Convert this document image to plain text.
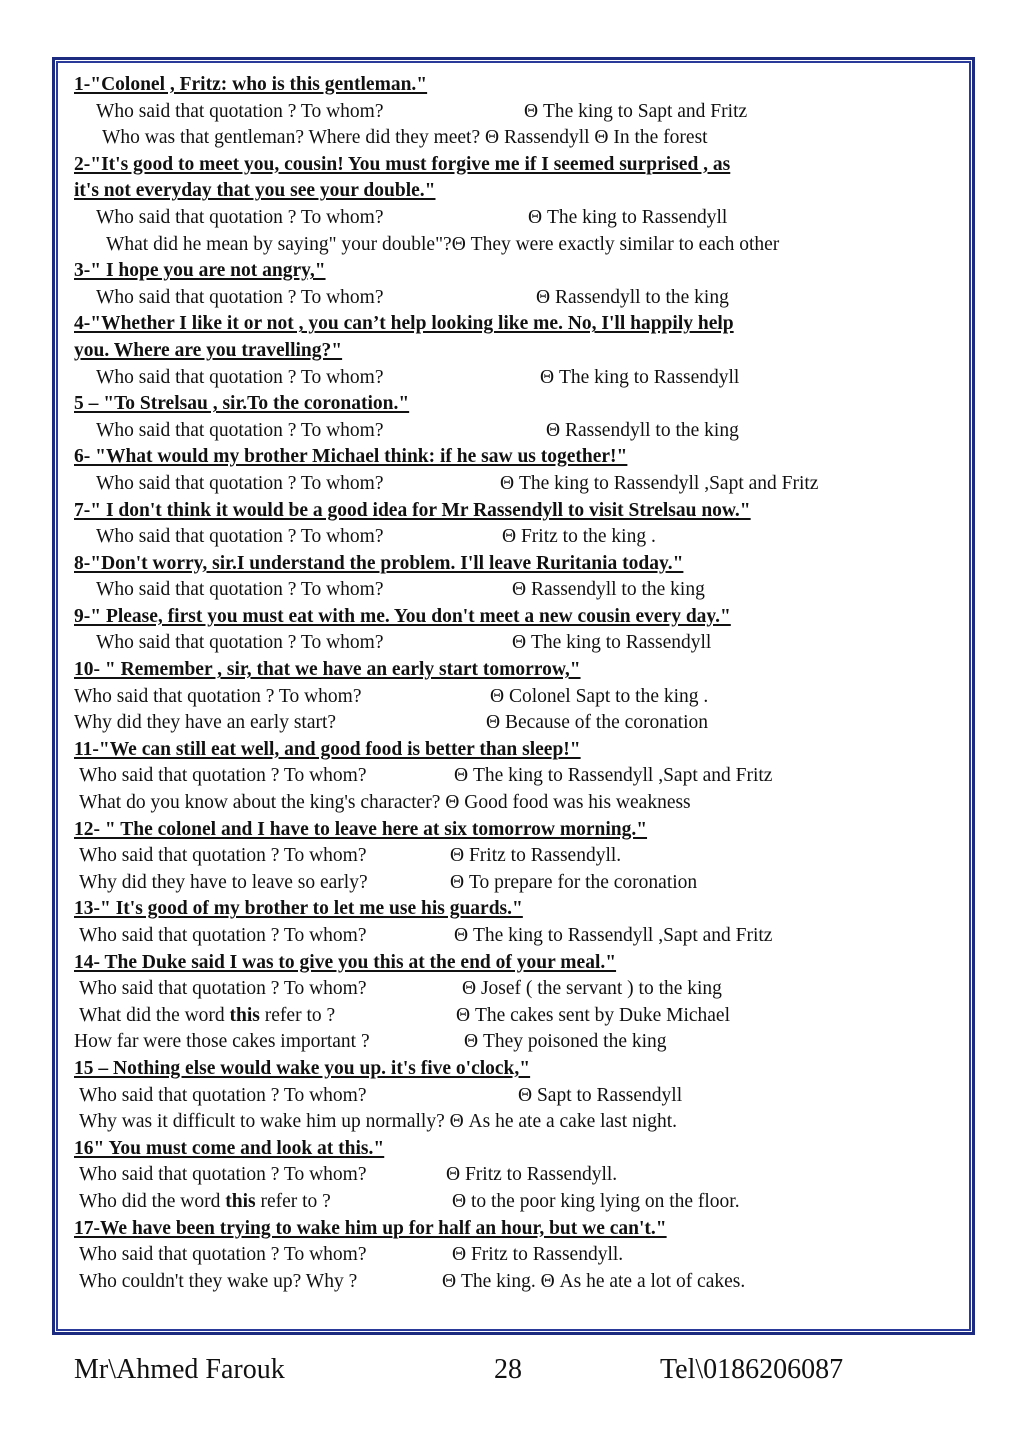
1-"Colonel , Fritz: who is this gentleman."
Who said that quotation ? To whom?	Θ The king to Sapt and Fritz
Who was that gentleman? Where did they meet? Θ Rassendyll Θ In the forest
2-"It's good to meet you, cousin! You must forgive me if I seemed surprised , as
it's not everyday that you see your double."
Who said that quotation ? To whom?	Θ The king to Rassendyll
What did he mean by saying" your double"?Θ They were exactly similar to each other
3-" I hope you are not angry,"
Who said that quotation ? To whom?	Θ Rassendyll to the king
4-"Whether I like it or not , you can’t help looking like me. No, I'll happily help
you. Where are you travelling?"
Who said that quotation ? To whom?	Θ The king to Rassendyll
5 – "To Strelsau , sir.To the coronation."
Who said that quotation ? To whom?	Θ Rassendyll to the king
6- "What would my brother Michael think: if he saw us together!"
Who said that quotation ? To whom?	Θ The king to Rassendyll ,Sapt and Fritz
7-" I don't think it would be a good idea for Mr Rassendyll to visit Strelsau now."
Who said that quotation ? To whom?	Θ Fritz to the king .
8-"Don't worry, sir.I understand the problem. I'll leave Ruritania today."
Who said that quotation ? To whom?	Θ Rassendyll to the king
9-" Please, first you must eat with me. You don't meet a new cousin every day."
Who said that quotation ? To whom?	Θ The king to Rassendyll
10- " Remember , sir, that we have an early start tomorrow,"
Who said that quotation ? To whom?	Θ Colonel Sapt to the king .
Why did they have an early start?	Θ Because of the coronation
11-"We can still eat well, and good food is better than sleep!"
Who said that quotation ? To whom?	Θ The king to Rassendyll ,Sapt and Fritz
What do you know about the king's character? Θ Good food was his weakness
12- " The colonel and I have to leave here at six tomorrow morning."
Who said that quotation ? To whom?	Θ Fritz to Rassendyll.
Why did they have to leave so early?	Θ To prepare for the coronation
13-" It's good of my brother to let me use his guards."
Who said that quotation ? To whom?	Θ The king to Rassendyll ,Sapt and Fritz
14- The Duke said I was to give you this at the end of your meal."
Who said that quotation ? To whom?	Θ Josef ( the servant ) to the king
What did the word this refer to ?	Θ The cakes sent by Duke Michael
How far were those cakes important ?	Θ They poisoned the king
15 – Nothing else would wake you up. it's five o'clock,"
Who said that quotation ? To whom?	Θ Sapt to Rassendyll
Why was it difficult to wake him up normally? Θ As he ate a cake last night.
16" You must come and look at this."
Who said that quotation ? To whom?	Θ Fritz to Rassendyll.
Who did the word this refer to ?	Θ to the poor king lying on the floor.
17-We have been trying to wake him up for half an hour, but we can't."
Who said that quotation ? To whom?	Θ Fritz to Rassendyll.
Who couldn't they wake up? Why ?	Θ The king. Θ As he ate a lot of cakes.
Mr\Ahmed Farouk	28	Tel\0186206087
